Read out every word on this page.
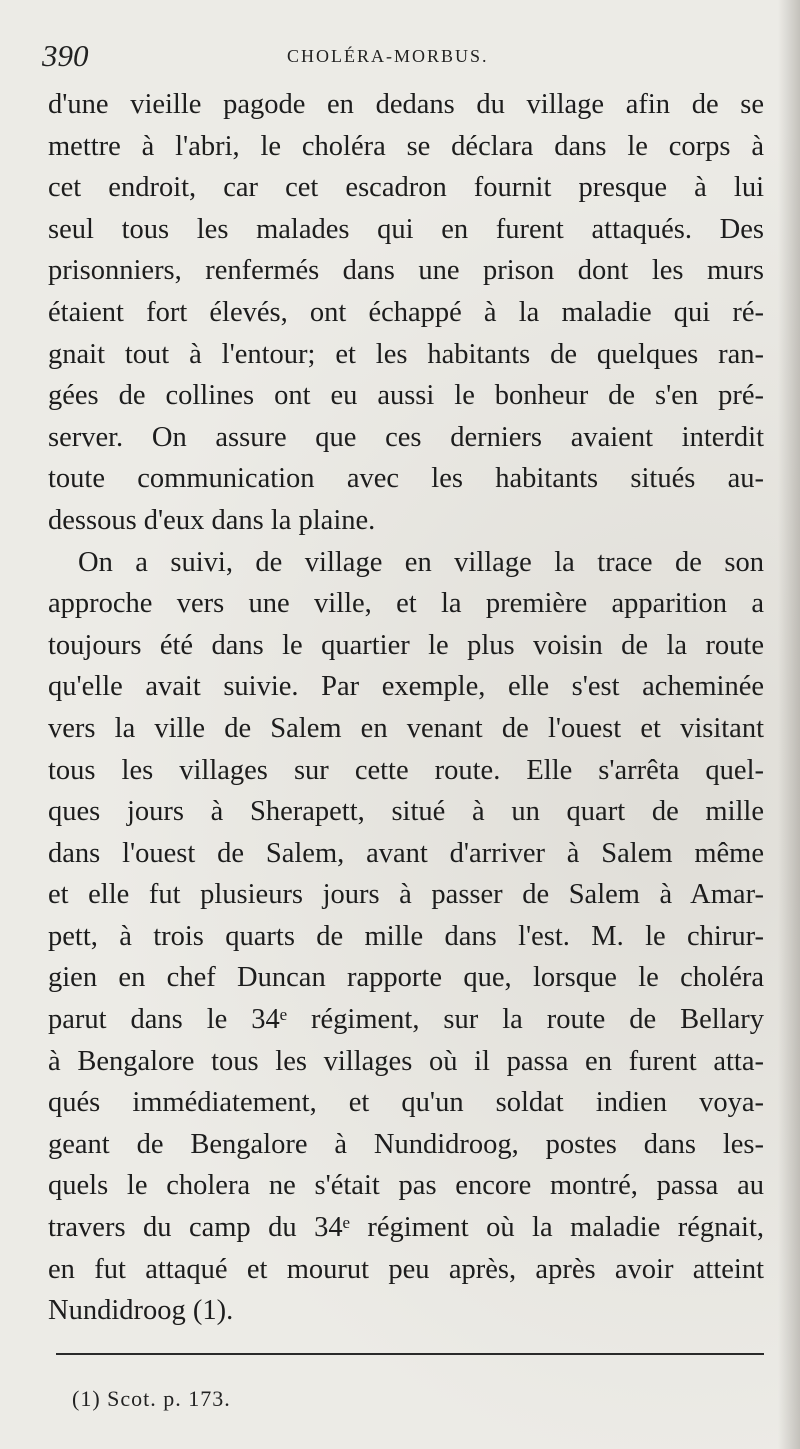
390	CHOLÉRA-MORBUS.
d'une vieille pagode en dedans du village afin de se
mettre à l'abri, le choléra se déclara dans le corps à
cet endroit, car cet escadron fournit presque à lui
seul tous les malades qui en furent attaqués. Des
prisonniers, renfermés dans une prison dont les murs
étaient fort élevés, ont échappé à la maladie qui ré-
gnait tout à l'entour; et les habitants de quelques ran-
gées de collines ont eu aussi le bonheur de s'en pré-
server. On assure que ces derniers avaient interdit
toute communication avec les habitants situés au-
dessous d'eux dans la plaine.
On a suivi, de village en village la trace de son
approche vers une ville, et la première apparition a
toujours été dans le quartier le plus voisin de la route
qu'elle avait suivie. Par exemple, elle s'est acheminée
vers la ville de Salem en venant de l'ouest et visitant
tous les villages sur cette route. Elle s'arrêta quel-
ques jours à Sherapett, situé à un quart de mille
dans l'ouest de Salem, avant d'arriver à Salem même
et elle fut plusieurs jours à passer de Salem à Amar-
pett, à trois quarts de mille dans l'est. M. le chirur-
gien en chef Duncan rapporte que, lorsque le choléra
parut dans le 34ᵉ régiment, sur la route de Bellary
à Bengalore tous les villages où il passa en furent atta-
qués immédiatement, et qu'un soldat indien voya-
geant de Bengalore à Nundidroog, postes dans les-
quels le cholera ne s'était pas encore montré, passa au
travers du camp du 34ᵉ régiment où la maladie régnait,
en fut attaqué et mourut peu après, après avoir atteint
Nundidroog (1).
(1) Scot. p. 173.
